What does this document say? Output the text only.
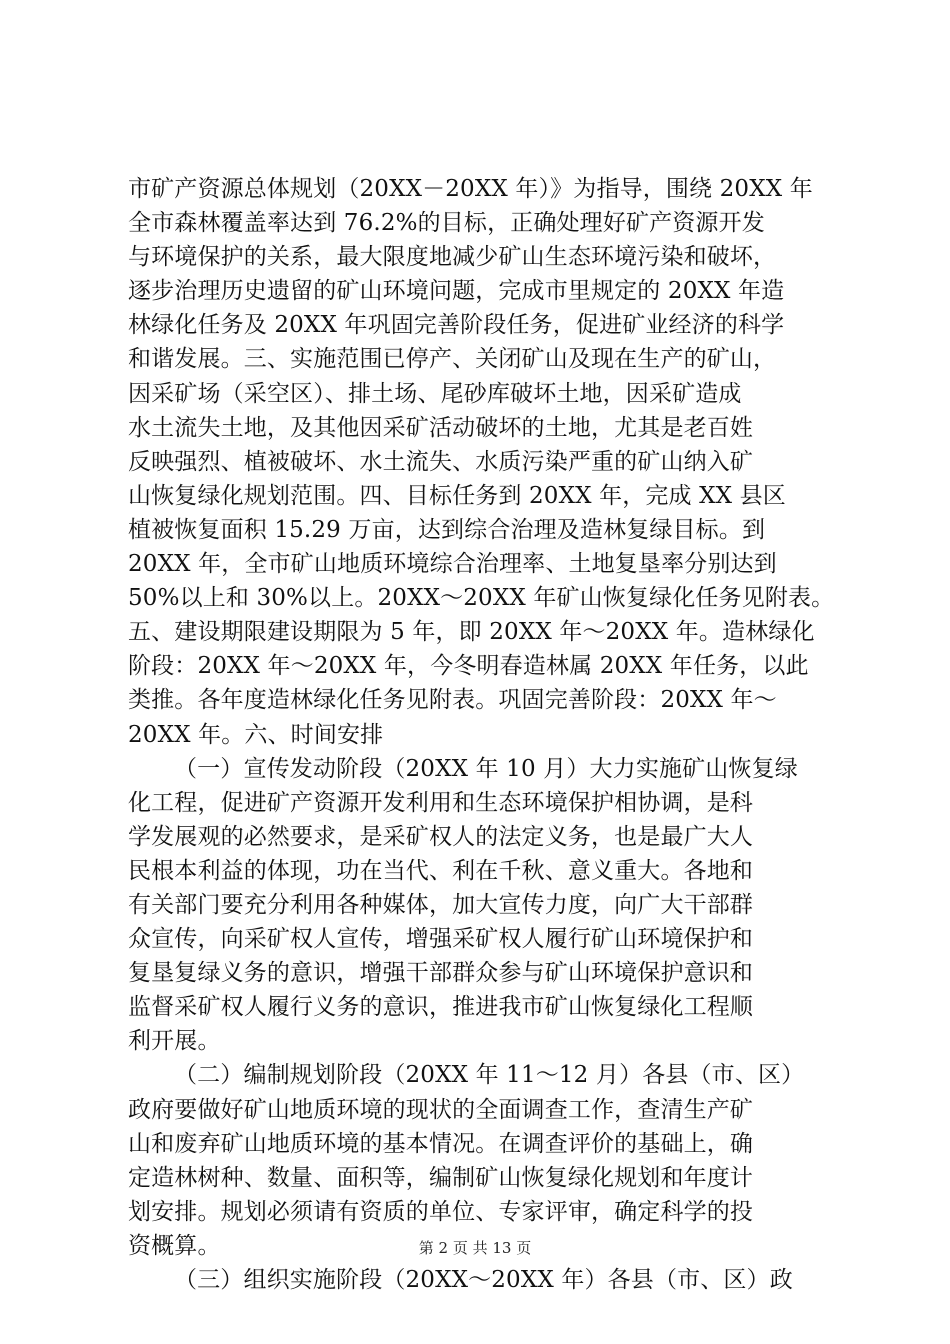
市矿产资源总体规划（20XX－20XX 年）》为指导，围绕 20XX 年
全市森林覆盖率达到 76.2%的目标，正确处理好矿产资源开发
与环境保护的关系，最大限度地减少矿山生态环境污染和破坏，
逐步治理历史遗留的矿山环境问题，完成市里规定的 20XX 年造
林绿化任务及 20XX 年巩固完善阶段任务，促进矿业经济的科学
和谐发展。三、实施范围已停产、关闭矿山及现在生产的矿山，
因采矿场（采空区）、排土场、尾砂库破坏土地，因采矿造成
水土流失土地，及其他因采矿活动破坏的土地，尤其是老百姓
反映强烈、植被破坏、水土流失、水质污染严重的矿山纳入矿
山恢复绿化规划范围。四、目标任务到 20XX 年，完成 XX 县区
植被恢复面积 15.29 万亩，达到综合治理及造林复绿目标。到
20XX 年，全市矿山地质环境综合治理率、土地复垦率分别达到
50%以上和 30%以上。20XX～20XX 年矿山恢复绿化任务见附表。
五、建设期限建设期限为 5 年，即 20XX 年～20XX 年。造林绿化
阶段：20XX 年～20XX 年，今冬明春造林属 20XX 年任务，以此
类推。各年度造林绿化任务见附表。巩固完善阶段：20XX 年～
20XX 年。六、时间安排
（一）宣传发动阶段（20XX 年 10 月）大力实施矿山恢复绿
化工程，促进矿产资源开发利用和生态环境保护相协调，是科
学发展观的必然要求，是采矿权人的法定义务，也是最广大人
民根本利益的体现，功在当代、利在千秋、意义重大。各地和
有关部门要充分利用各种媒体，加大宣传力度，向广大干部群
众宣传，向采矿权人宣传，增强采矿权人履行矿山环境保护和
复垦复绿义务的意识，增强干部群众参与矿山环境保护意识和
监督采矿权人履行义务的意识，推进我市矿山恢复绿化工程顺
利开展。
（二）编制规划阶段（20XX 年 11～12 月）各县（市、区）
政府要做好矿山地质环境的现状的全面调查工作，查清生产矿
山和废弃矿山地质环境的基本情况。在调查评价的基础上，确
定造林树种、数量、面积等，编制矿山恢复绿化规划和年度计
划安排。规划必须请有资质的单位、专家评审，确定科学的投
资概算。
（三）组织实施阶段（20XX～20XX 年）各县（市、区）政
第 2 页 共 13 页
